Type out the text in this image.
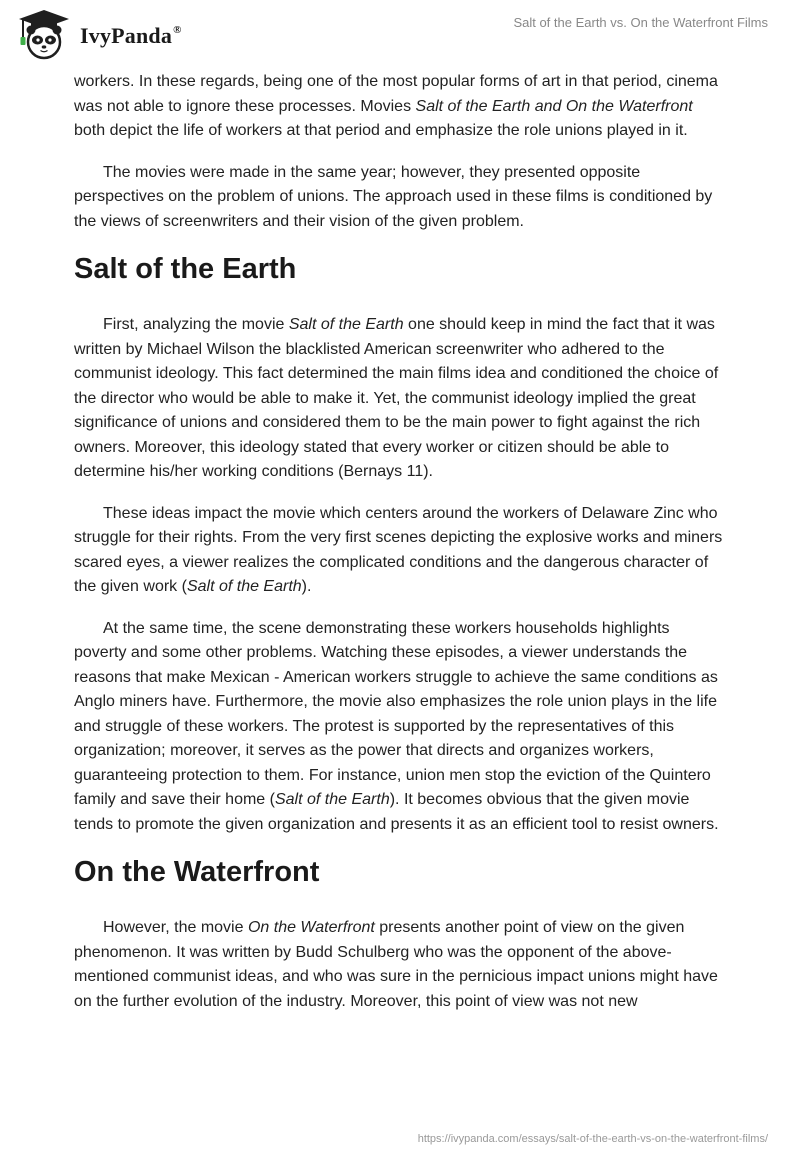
IvyPanda®	Salt of the Earth vs. On the Waterfront Films

workers. In these regards, being one of the most popular forms of art in that period, cinema was not able to ignore these processes. Movies Salt of the Earth and On the Waterfront both depict the life of workers at that period and emphasize the role unions played in it.

The movies were made in the same year; however, they presented opposite perspectives on the problem of unions. The approach used in these films is conditioned by the views of screenwriters and their vision of the given problem.

Salt of the Earth

First, analyzing the movie Salt of the Earth one should keep in mind the fact that it was written by Michael Wilson the blacklisted American screenwriter who adhered to the communist ideology. This fact determined the main films idea and conditioned the choice of the director who would be able to make it. Yet, the communist ideology implied the great significance of unions and considered them to be the main power to fight against the rich owners. Moreover, this ideology stated that every worker or citizen should be able to determine his/her working conditions (Bernays 11).

These ideas impact the movie which centers around the workers of Delaware Zinc who struggle for their rights. From the very first scenes depicting the explosive works and miners scared eyes, a viewer realizes the complicated conditions and the dangerous character of the given work (Salt of the Earth).

At the same time, the scene demonstrating these workers households highlights poverty and some other problems. Watching these episodes, a viewer understands the reasons that make Mexican - American workers struggle to achieve the same conditions as Anglo miners have. Furthermore, the movie also emphasizes the role union plays in the life and struggle of these workers. The protest is supported by the representatives of this organization; moreover, it serves as the power that directs and organizes workers, guaranteeing protection to them. For instance, union men stop the eviction of the Quintero family and save their home (Salt of the Earth). It becomes obvious that the given movie tends to promote the given organization and presents it as an efficient tool to resist owners.

On the Waterfront

However, the movie On the Waterfront presents another point of view on the given phenomenon. It was written by Budd Schulberg who was the opponent of the above-mentioned communist ideas, and who was sure in the pernicious impact unions might have on the further evolution of the industry. Moreover, this point of view was not new

https://ivypanda.com/essays/salt-of-the-earth-vs-on-the-waterfront-films/
